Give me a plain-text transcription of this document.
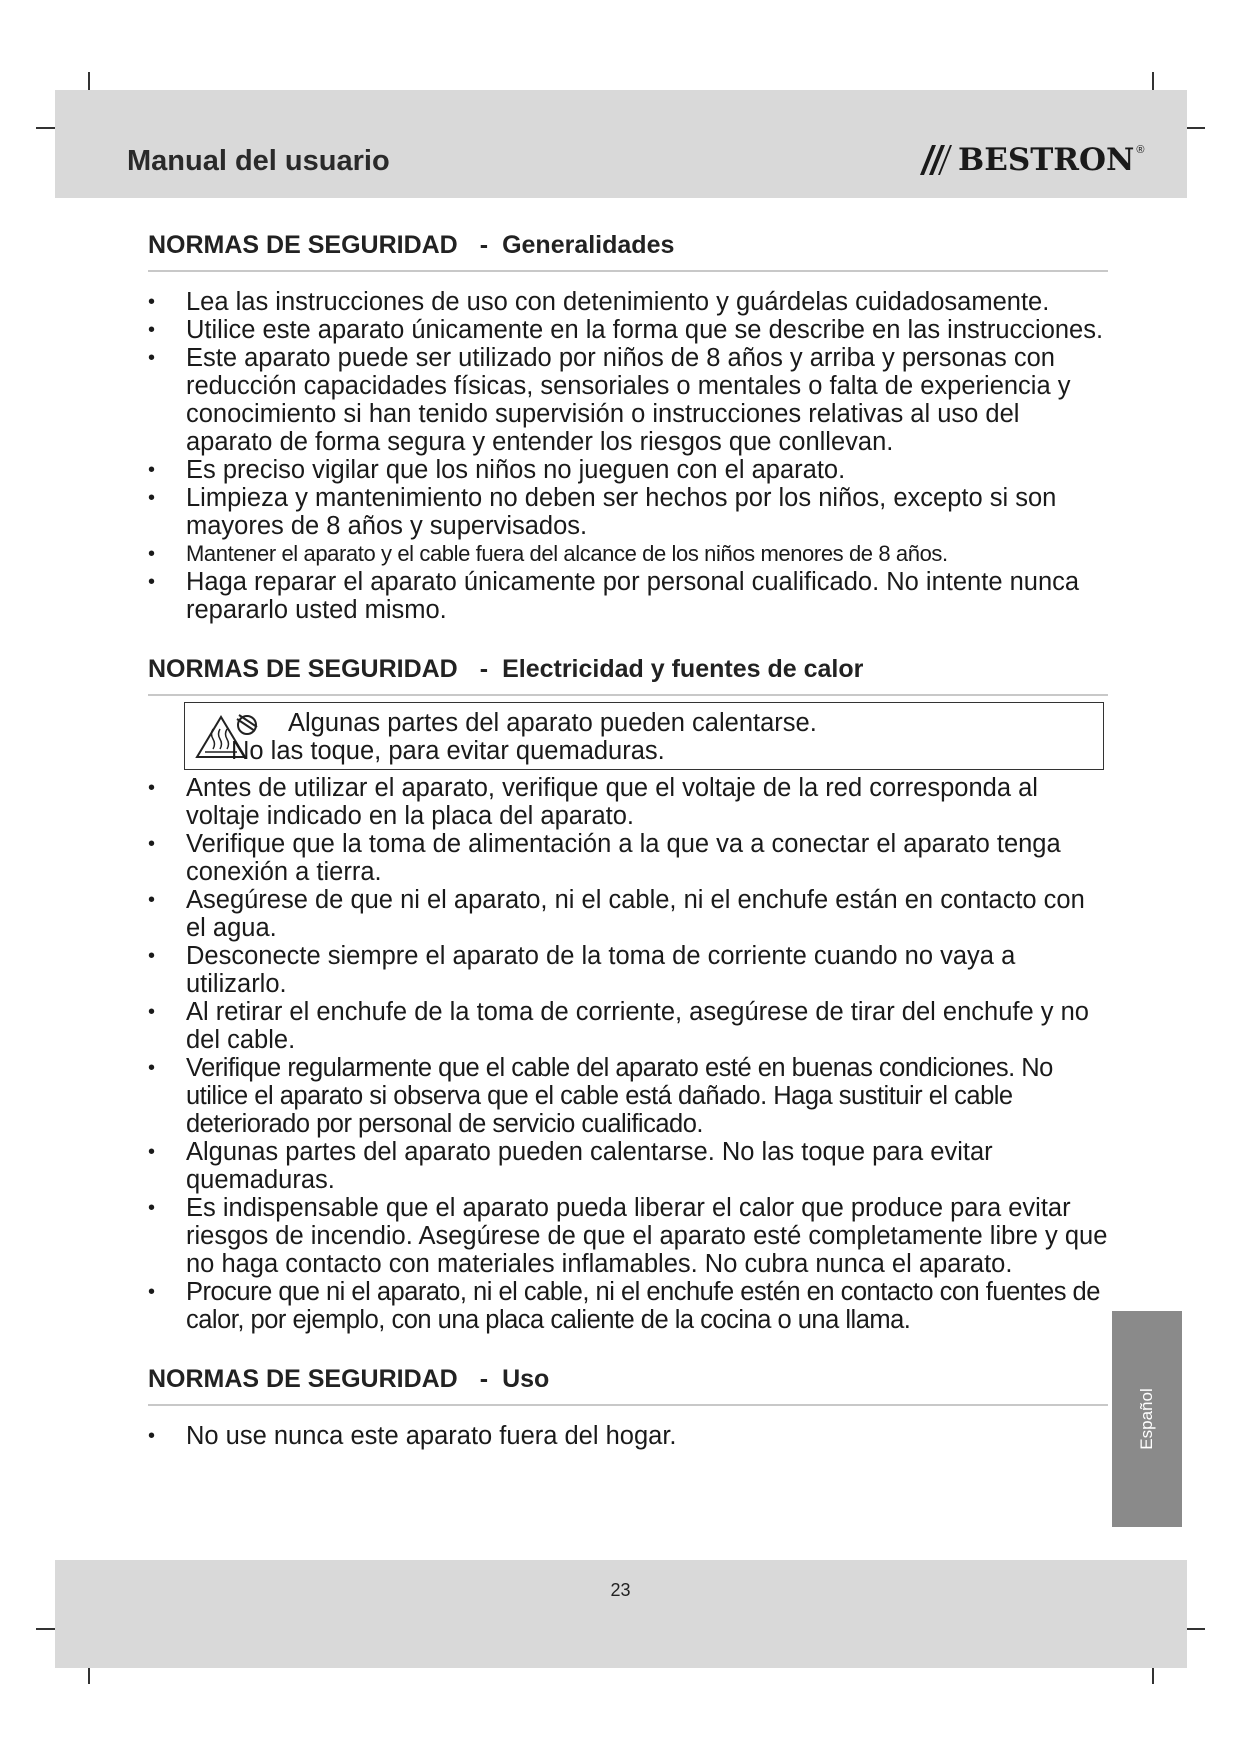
Manual del usuario	BESTRON ®
NORMAS DE SEGURIDAD - Generalidades
• Lea las instrucciones de uso con detenimiento y guárdelas cuidadosamente.
• Utilice este aparato únicamente en la forma que se describe en las instrucciones.
• Este aparato puede ser utilizado por niños de 8 años y arriba y personas con reducción capacidades físicas, sensoriales o mentales o falta de experiencia y conocimiento si han tenido supervisión o instrucciones relativas al uso del aparato de forma segura y entender los riesgos que conllevan.
• Es preciso vigilar que los niños no jueguen con el aparato.
• Limpieza y mantenimiento no deben ser hechos por los niños, excepto si son mayores de 8 años y supervisados.
• Mantener el aparato y el cable fuera del alcance de los niños menores de 8 años.
• Haga reparar el aparato únicamente por personal cualificado. No intente nunca repararlo usted mismo.
NORMAS DE SEGURIDAD - Electricidad y fuentes de calor
Algunas partes del aparato pueden calentarse.
No las toque, para evitar quemaduras.
• Antes de utilizar el aparato, verifique que el voltaje de la red corresponda al voltaje indicado en la placa del aparato.
• Verifique que la toma de alimentación a la que va a conectar el aparato tenga conexión a tierra.
• Asegúrese de que ni el aparato, ni el cable, ni el enchufe están en contacto con el agua.
• Desconecte siempre el aparato de la toma de corriente cuando no vaya a utilizarlo.
• Al retirar el enchufe de la toma de corriente, asegúrese de tirar del enchufe y no del cable.
• Verifique regularmente que el cable del aparato esté en buenas condiciones. No utilice el aparato si observa que el cable está dañado. Haga sustituir el cable deteriorado por personal de servicio cualificado.
• Algunas partes del aparato pueden calentarse. No las toque para evitar quemaduras.
• Es indispensable que el aparato pueda liberar el calor que produce para evitar riesgos de incendio. Asegúrese de que el aparato esté completamente libre y que no haga contacto con materiales inflamables. No cubra nunca el aparato.
• Procure que ni el aparato, ni el cable, ni el enchufe estén en contacto con fuentes de calor, por ejemplo, con una placa caliente de la cocina o una llama.
NORMAS DE SEGURIDAD - Uso
• No use nunca este aparato fuera del hogar.	Español
23
